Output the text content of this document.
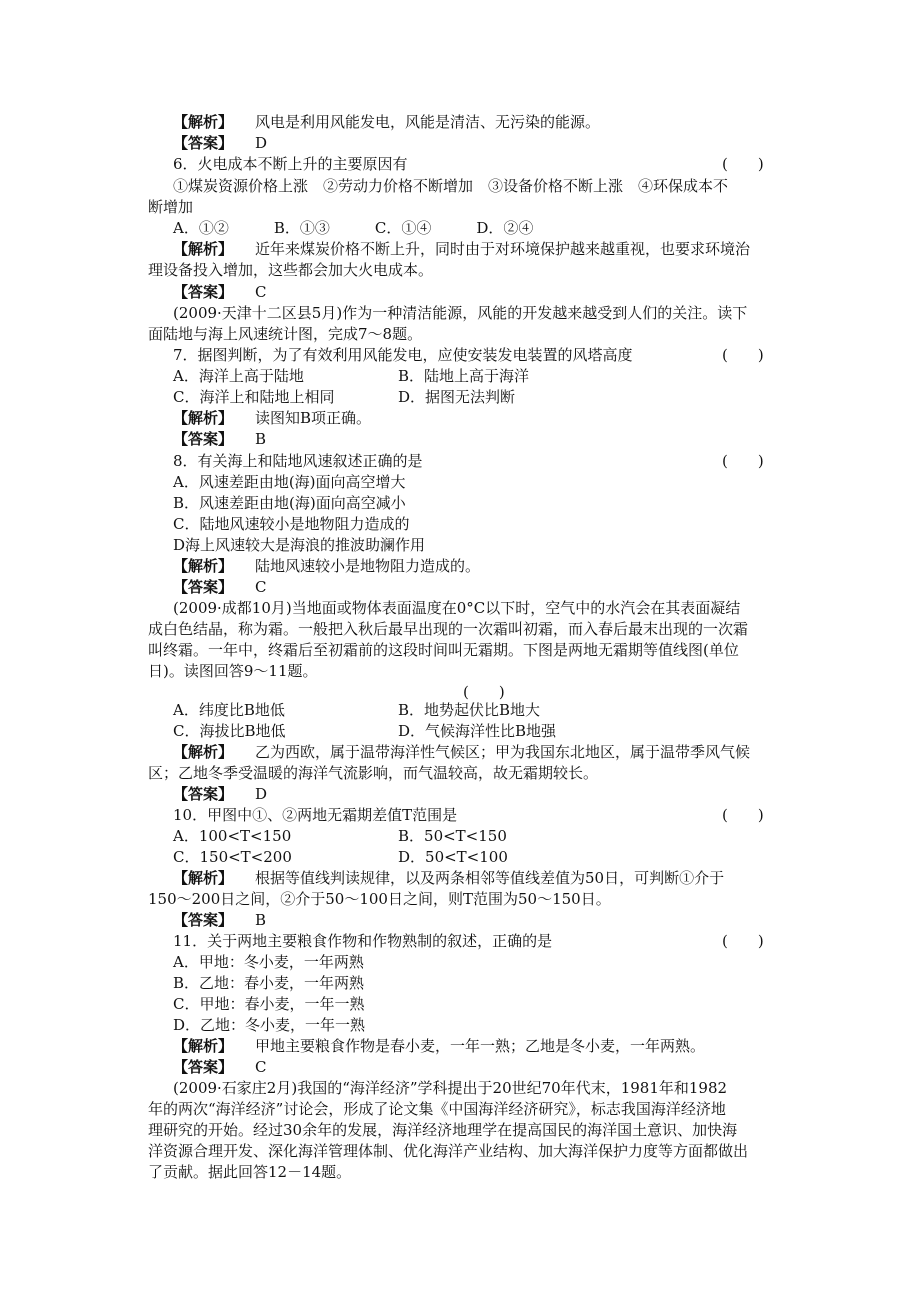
【解析】 风电是利用风能发电，风能是清洁、无污染的能源。
【答案】 D
6．火电成本不断上升的主要原因有	(　　)
①煤炭资源价格上涨　②劳动力价格不断增加　③设备价格不断上涨　④环保成本不
断增加
A．①②　　　B．①③　　　C．①④　　　D．②④
【解析】 近年来煤炭价格不断上升，同时由于对环境保护越来越重视，也要求环境治
理设备投入增加，这些都会加大火电成本。
【答案】 C
(2009·天津十二区县5月)作为一种清洁能源，风能的开发越来越受到人们的关注。读下
面陆地与海上风速统计图，完成7～8题。
7．据图判断，为了有效利用风能发电，应使安装发电装置的风塔高度	(　　)
A．海洋上高于陆地	B．陆地上高于海洋
C．海洋上和陆地上相同	D．据图无法判断
【解析】 读图知B项正确。
【答案】 B
8．有关海上和陆地风速叙述正确的是	(　　)
A．风速差距由地(海)面向高空增大
B．风速差距由地(海)面向高空减小
C．陆地风速较小是地物阻力造成的
D海上风速较大是海浪的推波助澜作用
【解析】 陆地风速较小是地物阻力造成的。
【答案】 C
(2009·成都10月)当地面或物体表面温度在0°C以下时，空气中的水汽会在其表面凝结
成白色结晶，称为霜。一般把入秋后最早出现的一次霜叫初霜，而入春后最末出现的一次霜
叫终霜。一年中，终霜后至初霜前的这段时间叫无霜期。下图是两地无霜期等值线图(单位
日)。读图回答9～11题。
(　　)
A．纬度比B地低	B．地势起伏比B地大
C．海拔比B地低	D．气候海洋性比B地强
【解析】 乙为西欧，属于温带海洋性气候区；甲为我国东北地区，属于温带季风气候
区；乙地冬季受温暖的海洋气流影响，而气温较高，故无霜期较长。
【答案】 D
10．甲图中①、②两地无霜期差值T范围是	(　　)
A．100<T<150	B．50<T<150
C．150<T<200	D．50<T<100
【解析】 根据等值线判读规律，以及两条相邻等值线差值为50日，可判断①介于
150～200日之间，②介于50～100日之间，则T范围为50～150日。
【答案】 B
11．关于两地主要粮食作物和作物熟制的叙述，正确的是	(　　)
A．甲地：冬小麦，一年两熟
B．乙地：春小麦，一年两熟
C．甲地：春小麦，一年一熟
D．乙地：冬小麦，一年一熟
【解析】 甲地主要粮食作物是春小麦，一年一熟；乙地是冬小麦，一年两熟。
【答案】 C
(2009·石家庄2月)我国的“海洋经济”学科提出于20世纪70年代末，1981年和1982
年的两次“海洋经济”讨论会，形成了论文集《中国海洋经济研究》，标志我国海洋经济地
理研究的开始。经过30余年的发展，海洋经济地理学在提高国民的海洋国土意识、加快海
洋资源合理开发、深化海洋管理体制、优化海洋产业结构、加大海洋保护力度等方面都做出
了贡献。据此回答12－14题。
